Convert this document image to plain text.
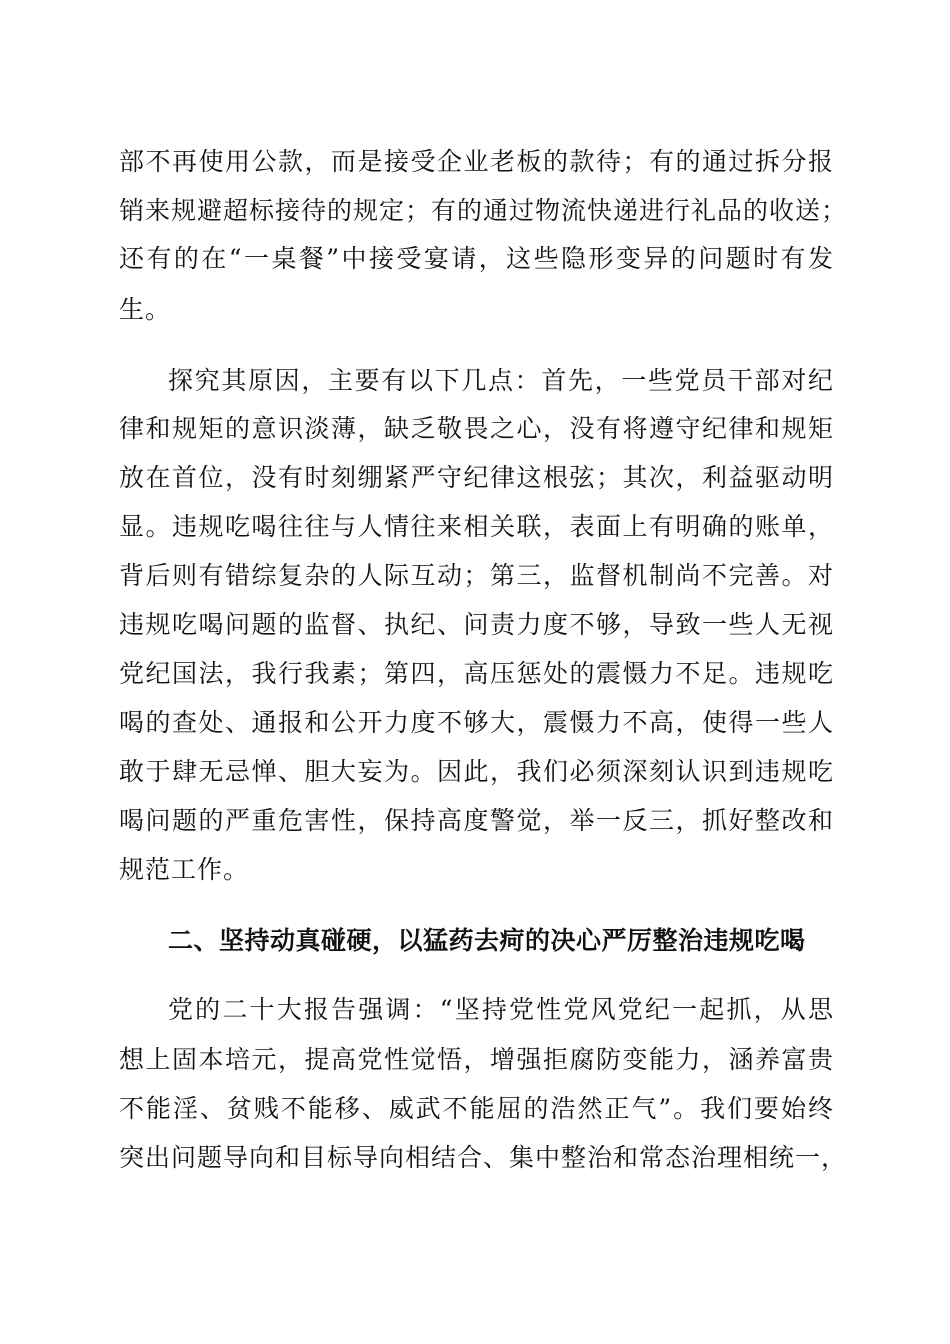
部不再使用公款，而是接受企业老板的款待；有的通过拆分报
销来规避超标接待的规定；有的通过物流快递进行礼品的收送；
还有的在“一桌餐”中接受宴请，这些隐形变异的问题时有发
生。
探究其原因，主要有以下几点：首先，一些党员干部对纪
律和规矩的意识淡薄，缺乏敬畏之心，没有将遵守纪律和规矩
放在首位，没有时刻绷紧严守纪律这根弦；其次，利益驱动明
显。违规吃喝往往与人情往来相关联，表面上有明确的账单，
背后则有错综复杂的人际互动；第三，监督机制尚不完善。对
违规吃喝问题的监督、执纪、问责力度不够，导致一些人无视
党纪国法，我行我素；第四，高压惩处的震慑力不足。违规吃
喝的查处、通报和公开力度不够大，震慑力不高，使得一些人
敢于肆无忌惮、胆大妄为。因此，我们必须深刻认识到违规吃
喝问题的严重危害性，保持高度警觉，举一反三，抓好整改和
规范工作。
二、坚持动真碰硬，以猛药去疴的决心严厉整治违规吃喝
党的二十大报告强调：“坚持党性党风党纪一起抓，从思
想上固本培元，提高党性觉悟，增强拒腐防变能力，涵养富贵
不能淫、贫贱不能移、威武不能屈的浩然正气”。我们要始终
突出问题导向和目标导向相结合、集中整治和常态治理相统一，
